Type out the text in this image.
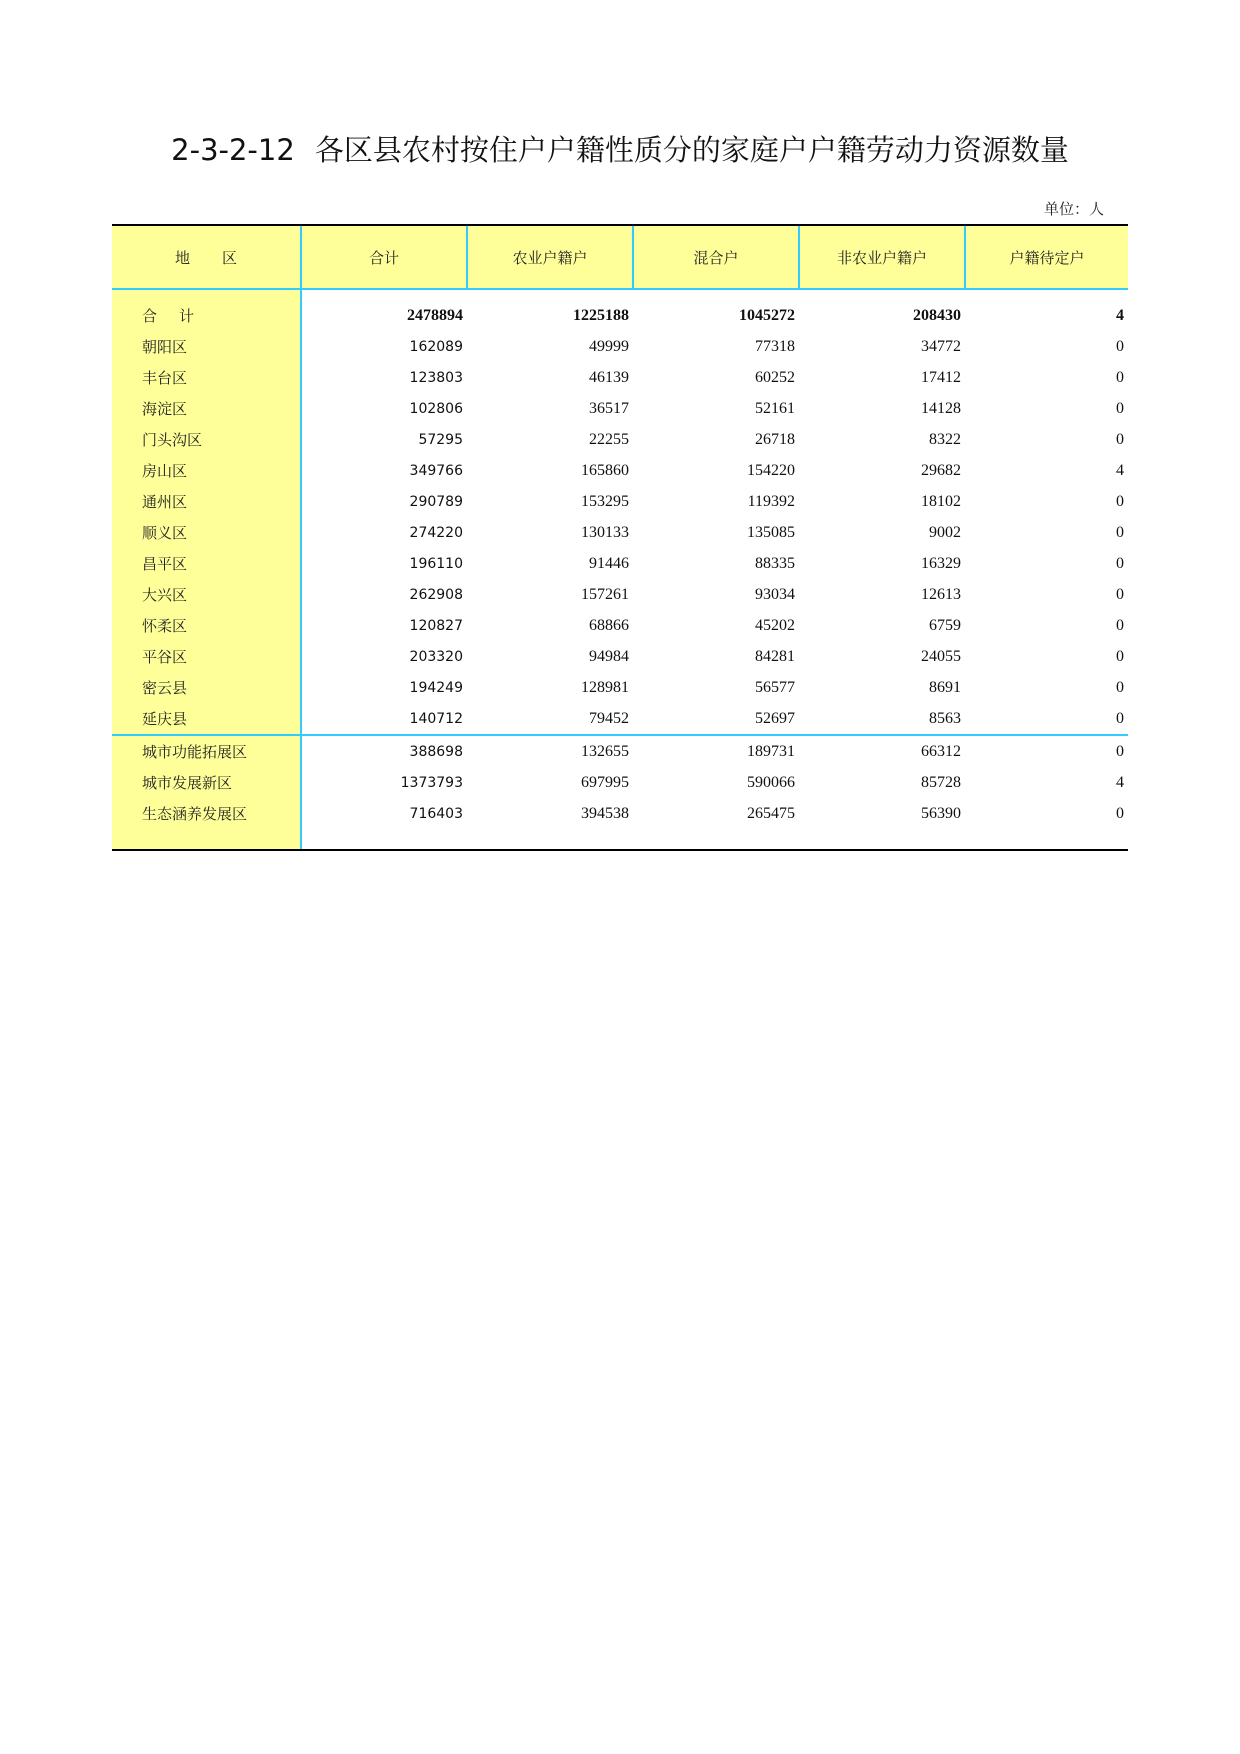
2-3-2-12 各区县农村按住户户籍性质分的家庭户户籍劳动力资源数量
单位：人
地 区	合计	农业户籍户	混合户	非农业户籍户	户籍待定户

合 计	2478894	1225188	1045272	208430	4
朝阳区	162089	49999	77318	34772	0
丰台区	123803	46139	60252	17412	0
海淀区	102806	36517	52161	14128	0
门头沟区	57295	22255	26718	8322	0
房山区	349766	165860	154220	29682	4
通州区	290789	153295	119392	18102	0
顺义区	274220	130133	135085	9002	0
昌平区	196110	91446	88335	16329	0
大兴区	262908	157261	93034	12613	0
怀柔区	120827	68866	45202	6759	0
平谷区	203320	94984	84281	24055	0
密云县	194249	128981	56577	8691	0
延庆县	140712	79452	52697	8563	0
城市功能拓展区	388698	132655	189731	66312	0
城市发展新区	1373793	697995	590066	85728	4
生态涵养发展区	716403	394538	265475	56390	0
